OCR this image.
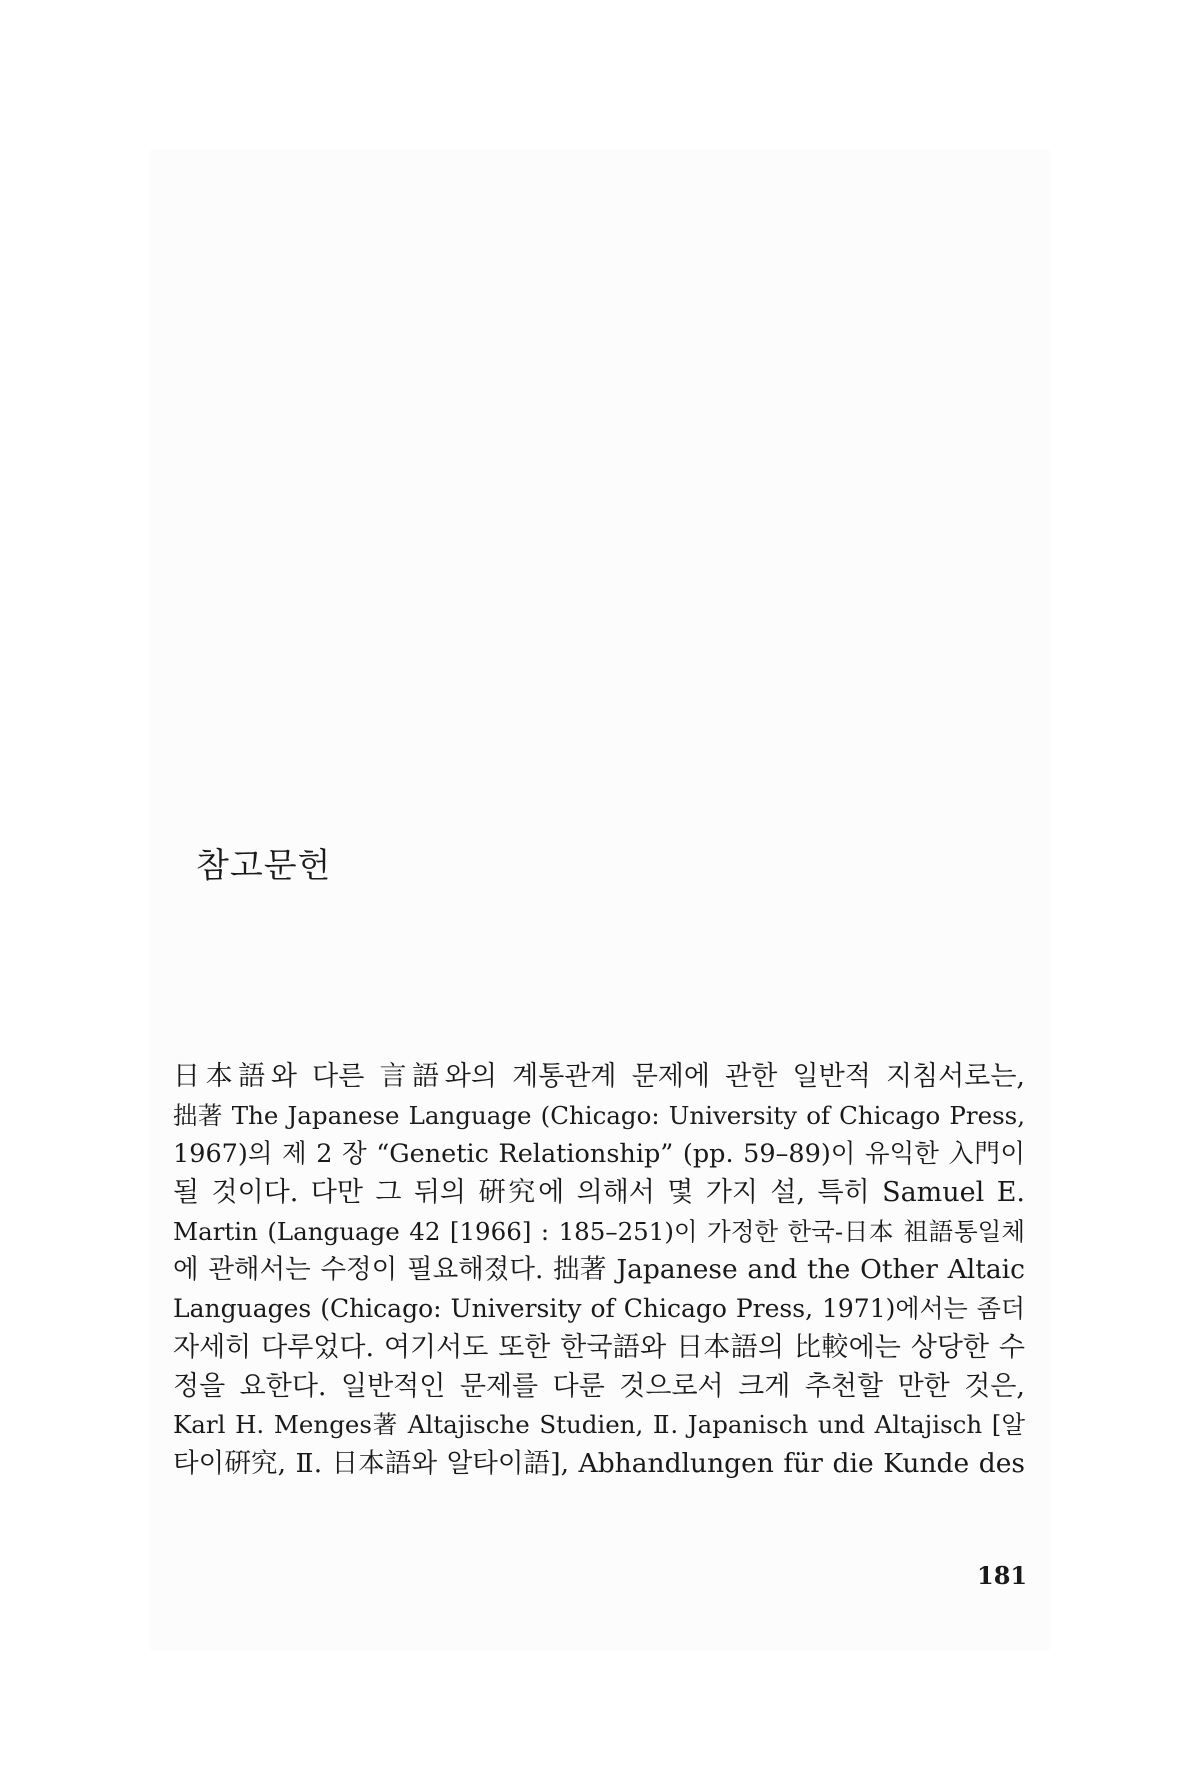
참고문헌
日本語와 다른 言語와의 계통관계 문제에 관한 일반적 지침서로는,
拙著 The Japanese Language (Chicago: University of Chicago Press,
1967)의 제 2 장 “Genetic Relationship” (pp. 59–89)이 유익한 入門이
될 것이다. 다만 그 뒤의 硏究에 의해서 몇 가지 설, 특히 Samuel E.
Martin (Language 42 [1966] : 185–251)이 가정한 한국-日本 祖語통일체
에 관해서는 수정이 필요해졌다. 拙著 Japanese and the Other Altaic
Languages (Chicago: University of Chicago Press, 1971)에서는 좀더
자세히 다루었다. 여기서도 또한 한국語와 日本語의 比較에는 상당한 수
정을 요한다. 일반적인 문제를 다룬 것으로서 크게 추천할 만한 것은,
Karl H. Menges著 Altajische Studien, Ⅱ. Japanisch und Altajisch [알
타이硏究, Ⅱ. 日本語와 알타이語], Abhandlungen für die Kunde des
181
